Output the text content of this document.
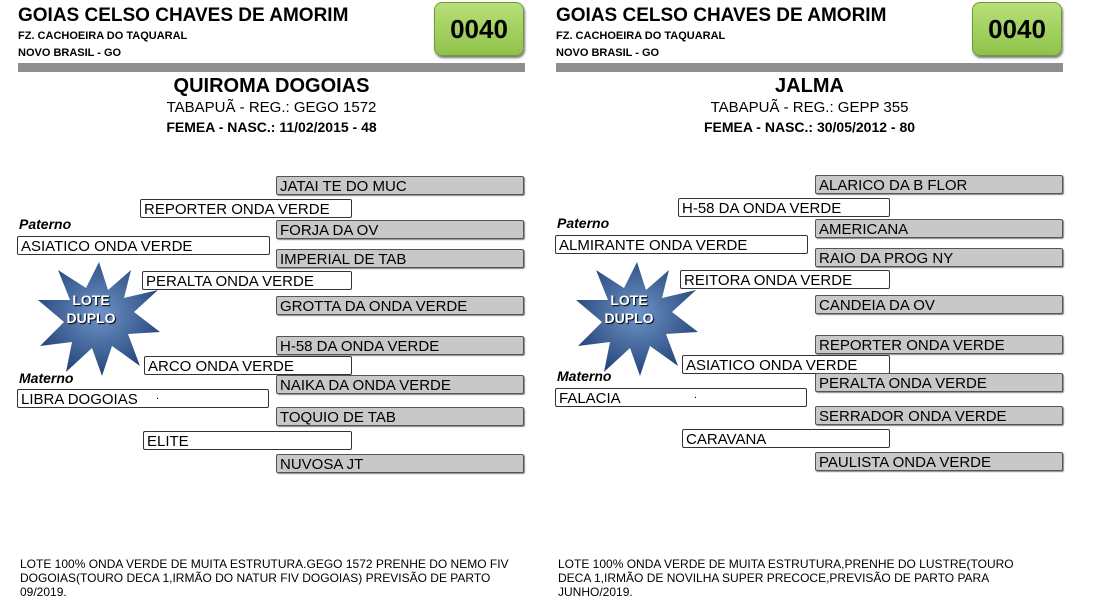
GOIAS CELSO CHAVES DE AMORIM
FZ. CACHOEIRA DO TAQUARAL
NOVO BRASIL - GO
0040
QUIROMA DOGOIAS
TABAPUÃ - REG.: GEGO 1572
FEMEA - NASC.: 11/02/2015 - 48
JATAI TE DO MUC
REPORTER ONDA VERDE
Paterno	FORJA DA OV
ASIATICO ONDA VERDE
IMPERIAL DE TAB
PERALTA ONDA VERDE
GROTTA DA ONDA VERDE
H-58 DA ONDA VERDE
ARCO ONDA VERDE
Materno	NAIKA DA ONDA VERDE
LIBRA DOGOIAS .
TOQUIO DE TAB
ELITE
NUVOSA JT
LOTE
DUPLO
LOTE 100% ONDA VERDE DE MUITA ESTRUTURA.GEGO 1572 PRENHE DO NEMO FIV DOGOIAS(TOURO DECA 1,IRMÃO DO NATUR FIV DOGOIAS) PREVISÃO DE PARTO 09/2019.
GOIAS CELSO CHAVES DE AMORIM
FZ. CACHOEIRA DO TAQUARAL
NOVO BRASIL - GO
0040
JALMA
TABAPUÃ - REG.: GEPP 355
FEMEA - NASC.: 30/05/2012 - 80
ALARICO DA B FLOR
H-58 DA ONDA VERDE
Paterno	AMERICANA
ALMIRANTE ONDA VERDE
RAIO DA PROG NY
REITORA ONDA VERDE
CANDEIA DA OV
REPORTER ONDA VERDE
ASIATICO ONDA VERDE
Materno	PERALTA ONDA VERDE
FALACIA	.
SERRADOR ONDA VERDE
CARAVANA
PAULISTA ONDA VERDE
LOTE
DUPLO
LOTE 100% ONDA VERDE DE MUITA ESTRUTURA,PRENHE DO LUSTRE(TOURO DECA 1,IRMÃO DE NOVILHA SUPER PRECOCE,PREVISÃO DE PARTO PARA JUNHO/2019.
